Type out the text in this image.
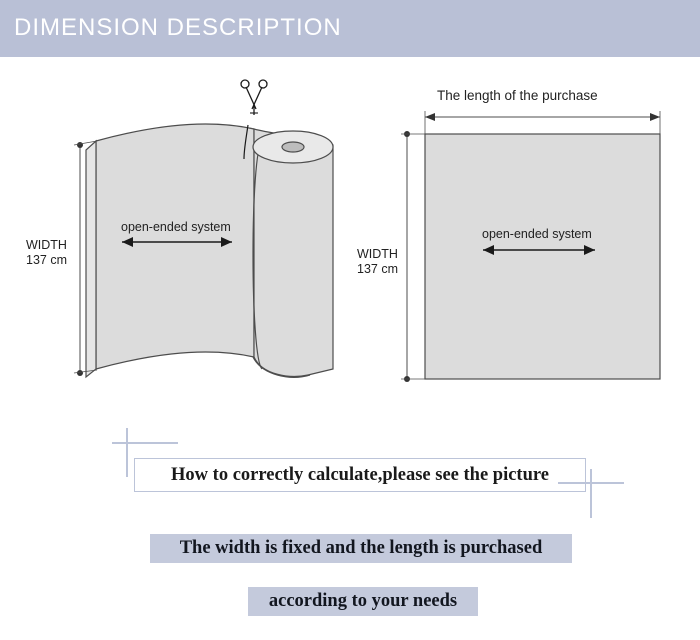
DIMENSION DESCRIPTION
WIDTH
137 cm
open-ended system
WIDTH
137 cm
open-ended system
The length of the purchase
How to correctly calculate,please see the picture
The width is fixed and the length is purchased
according to your needs
